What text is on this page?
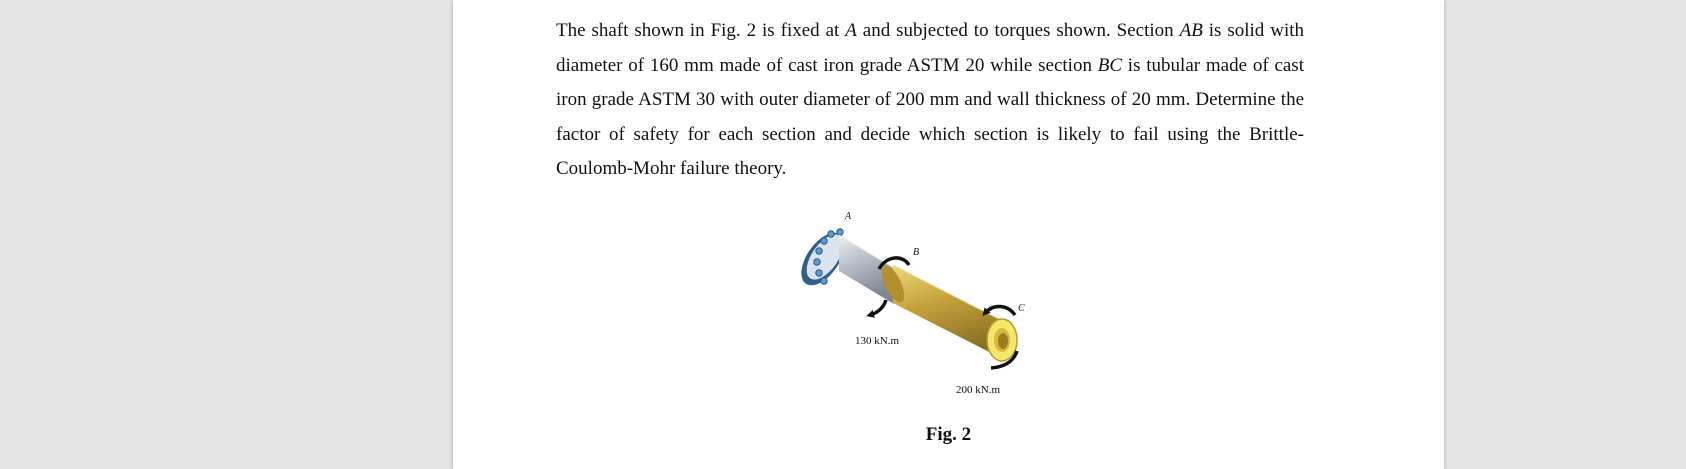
The shaft shown in Fig. 2 is fixed at A and subjected to torques shown. Section AB is solid with diameter of 160 mm made of cast iron grade ASTM 20 while section BC is tubular made of cast iron grade ASTM 30 with outer diameter of 200 mm and wall thickness of 20 mm. Determine the factor of safety for each section and decide which section is likely to fail using the Brittle-Coulomb-Mohr failure theory.

A
B
C
130 kN.m
200 kN.m

Fig. 2
